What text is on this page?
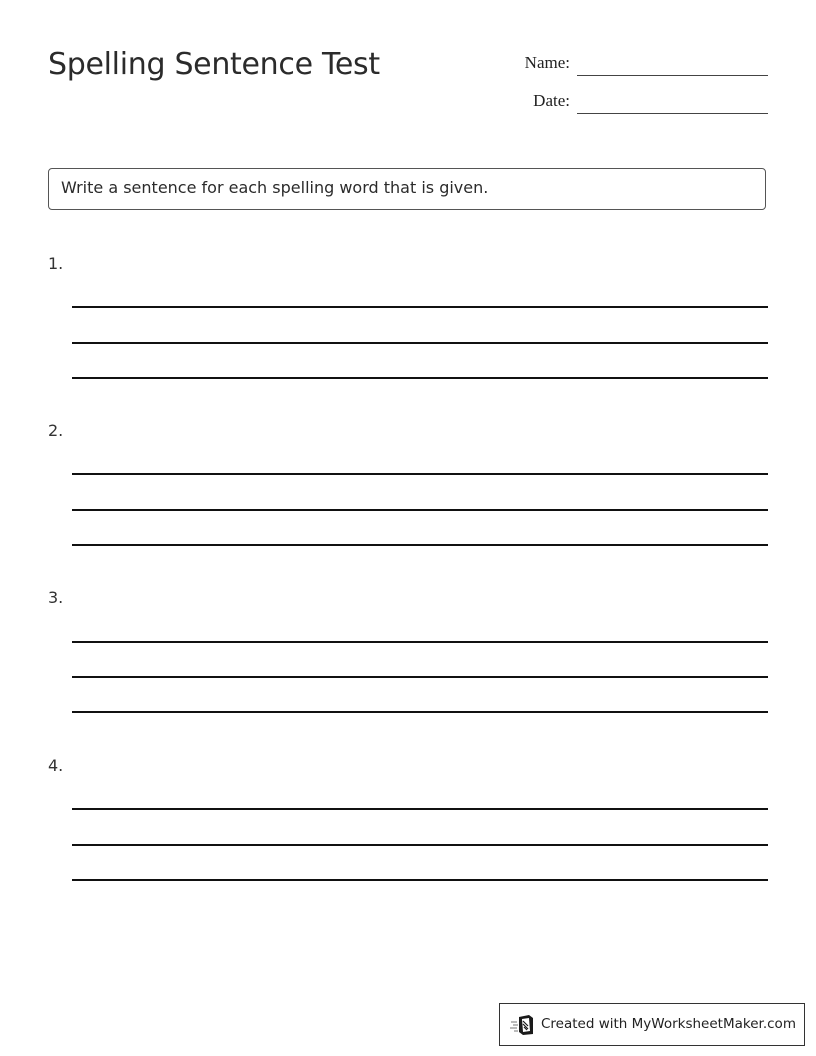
Spelling Sentence Test	Name:
Date:
Write a sentence for each spelling word that is given.
1.
2.
3.
4.
Created with MyWorksheetMaker.com
